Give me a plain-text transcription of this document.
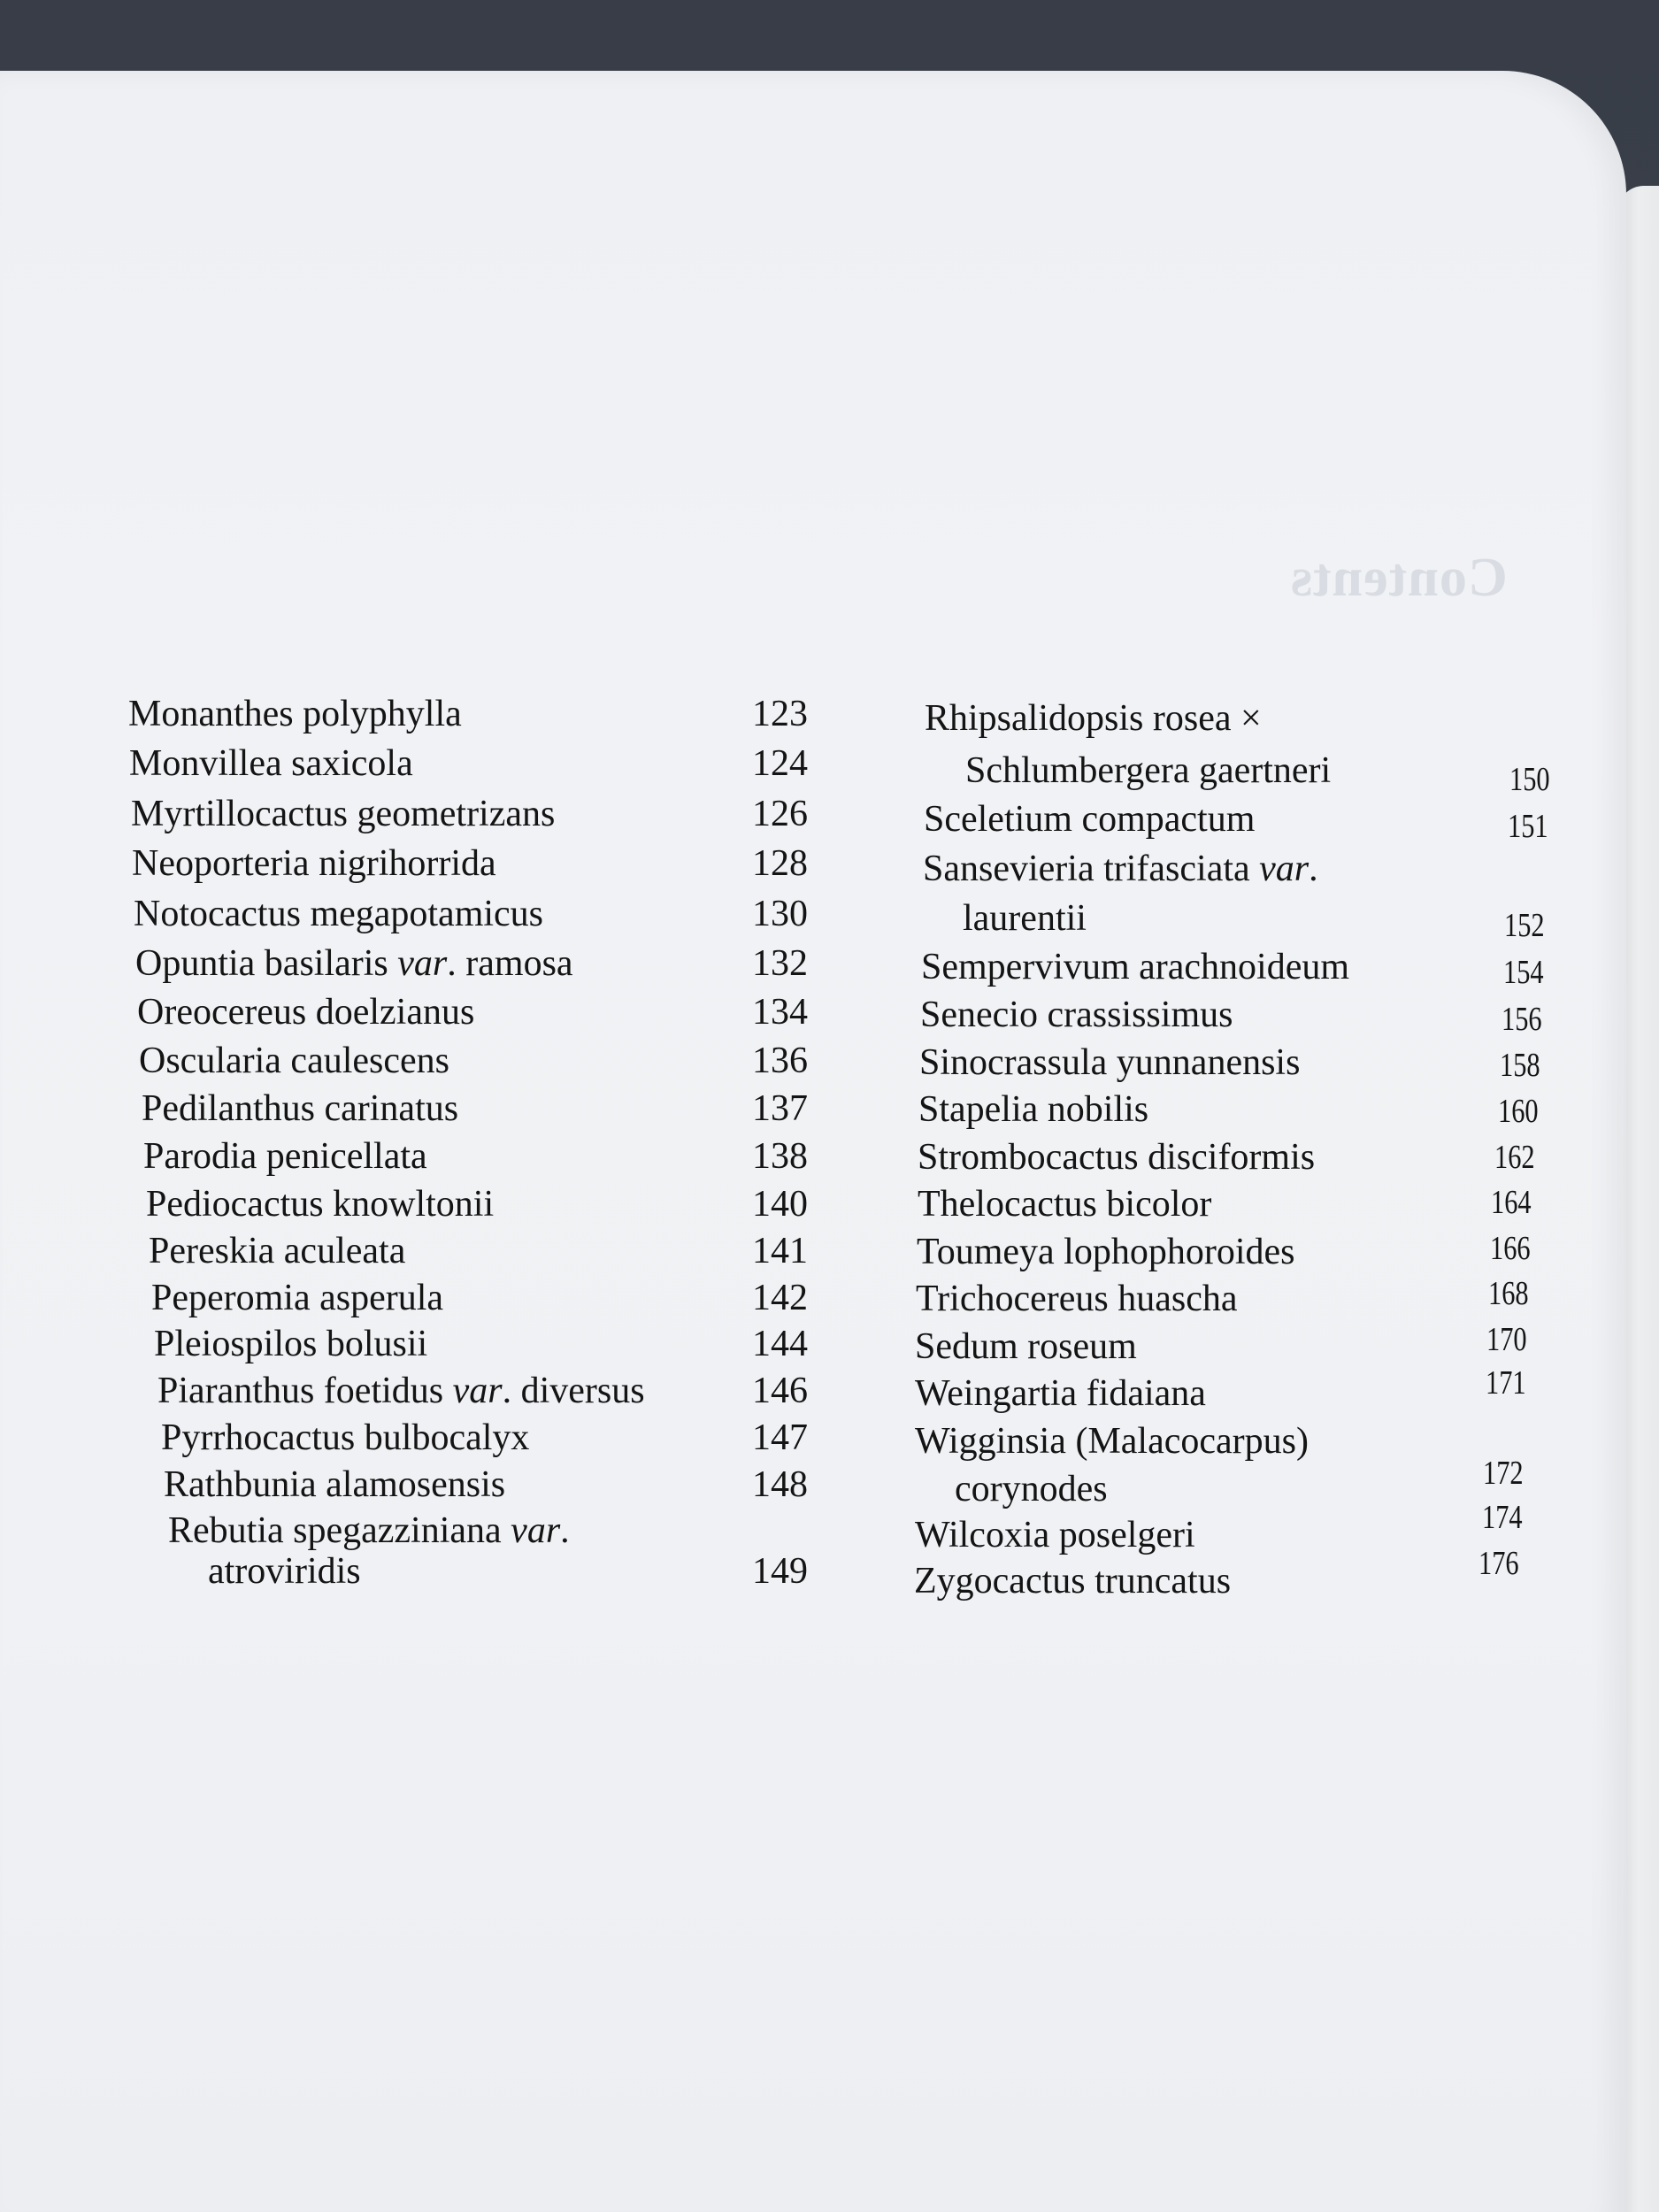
Contents
Monanthes polyphylla	123
Monvillea saxicola	124
Myrtillocactus geometrizans	126
Neoporteria nigrihorrida	128
Notocactus megapotamicus	130
Opuntia basilaris var. ramosa	132
Oreocereus doelzianus	134
Oscularia caulescens	136
Pedilanthus carinatus	137
Parodia penicellata	138
Pediocactus knowltonii	140
Pereskia aculeata	141
Peperomia asperula	142
Pleiospilos bolusii	144
Piaranthus foetidus var. diversus	146
Pyrrhocactus bulbocalyx	147
Rathbunia alamosensis	148
Rebutia spegazziniana var.
atroviridis	149
Rhipsalidopsis rosea ×
Schlumbergera gaertneri	150
Sceletium compactum	151
Sansevieria trifasciata var.
laurentii	152
Sempervivum arachnoideum	154
Senecio crassissimus	156
Sinocrassula yunnanensis	158
Stapelia nobilis	160
Strombocactus disciformis	162
Thelocactus bicolor	164
Toumeya lophophoroides	166
Trichocereus huascha	168
Sedum roseum	170
Weingartia fidaiana	171
Wigginsia (Malacocarpus)
corynodes	172
Wilcoxia poselgeri	174
Zygocactus truncatus	176
